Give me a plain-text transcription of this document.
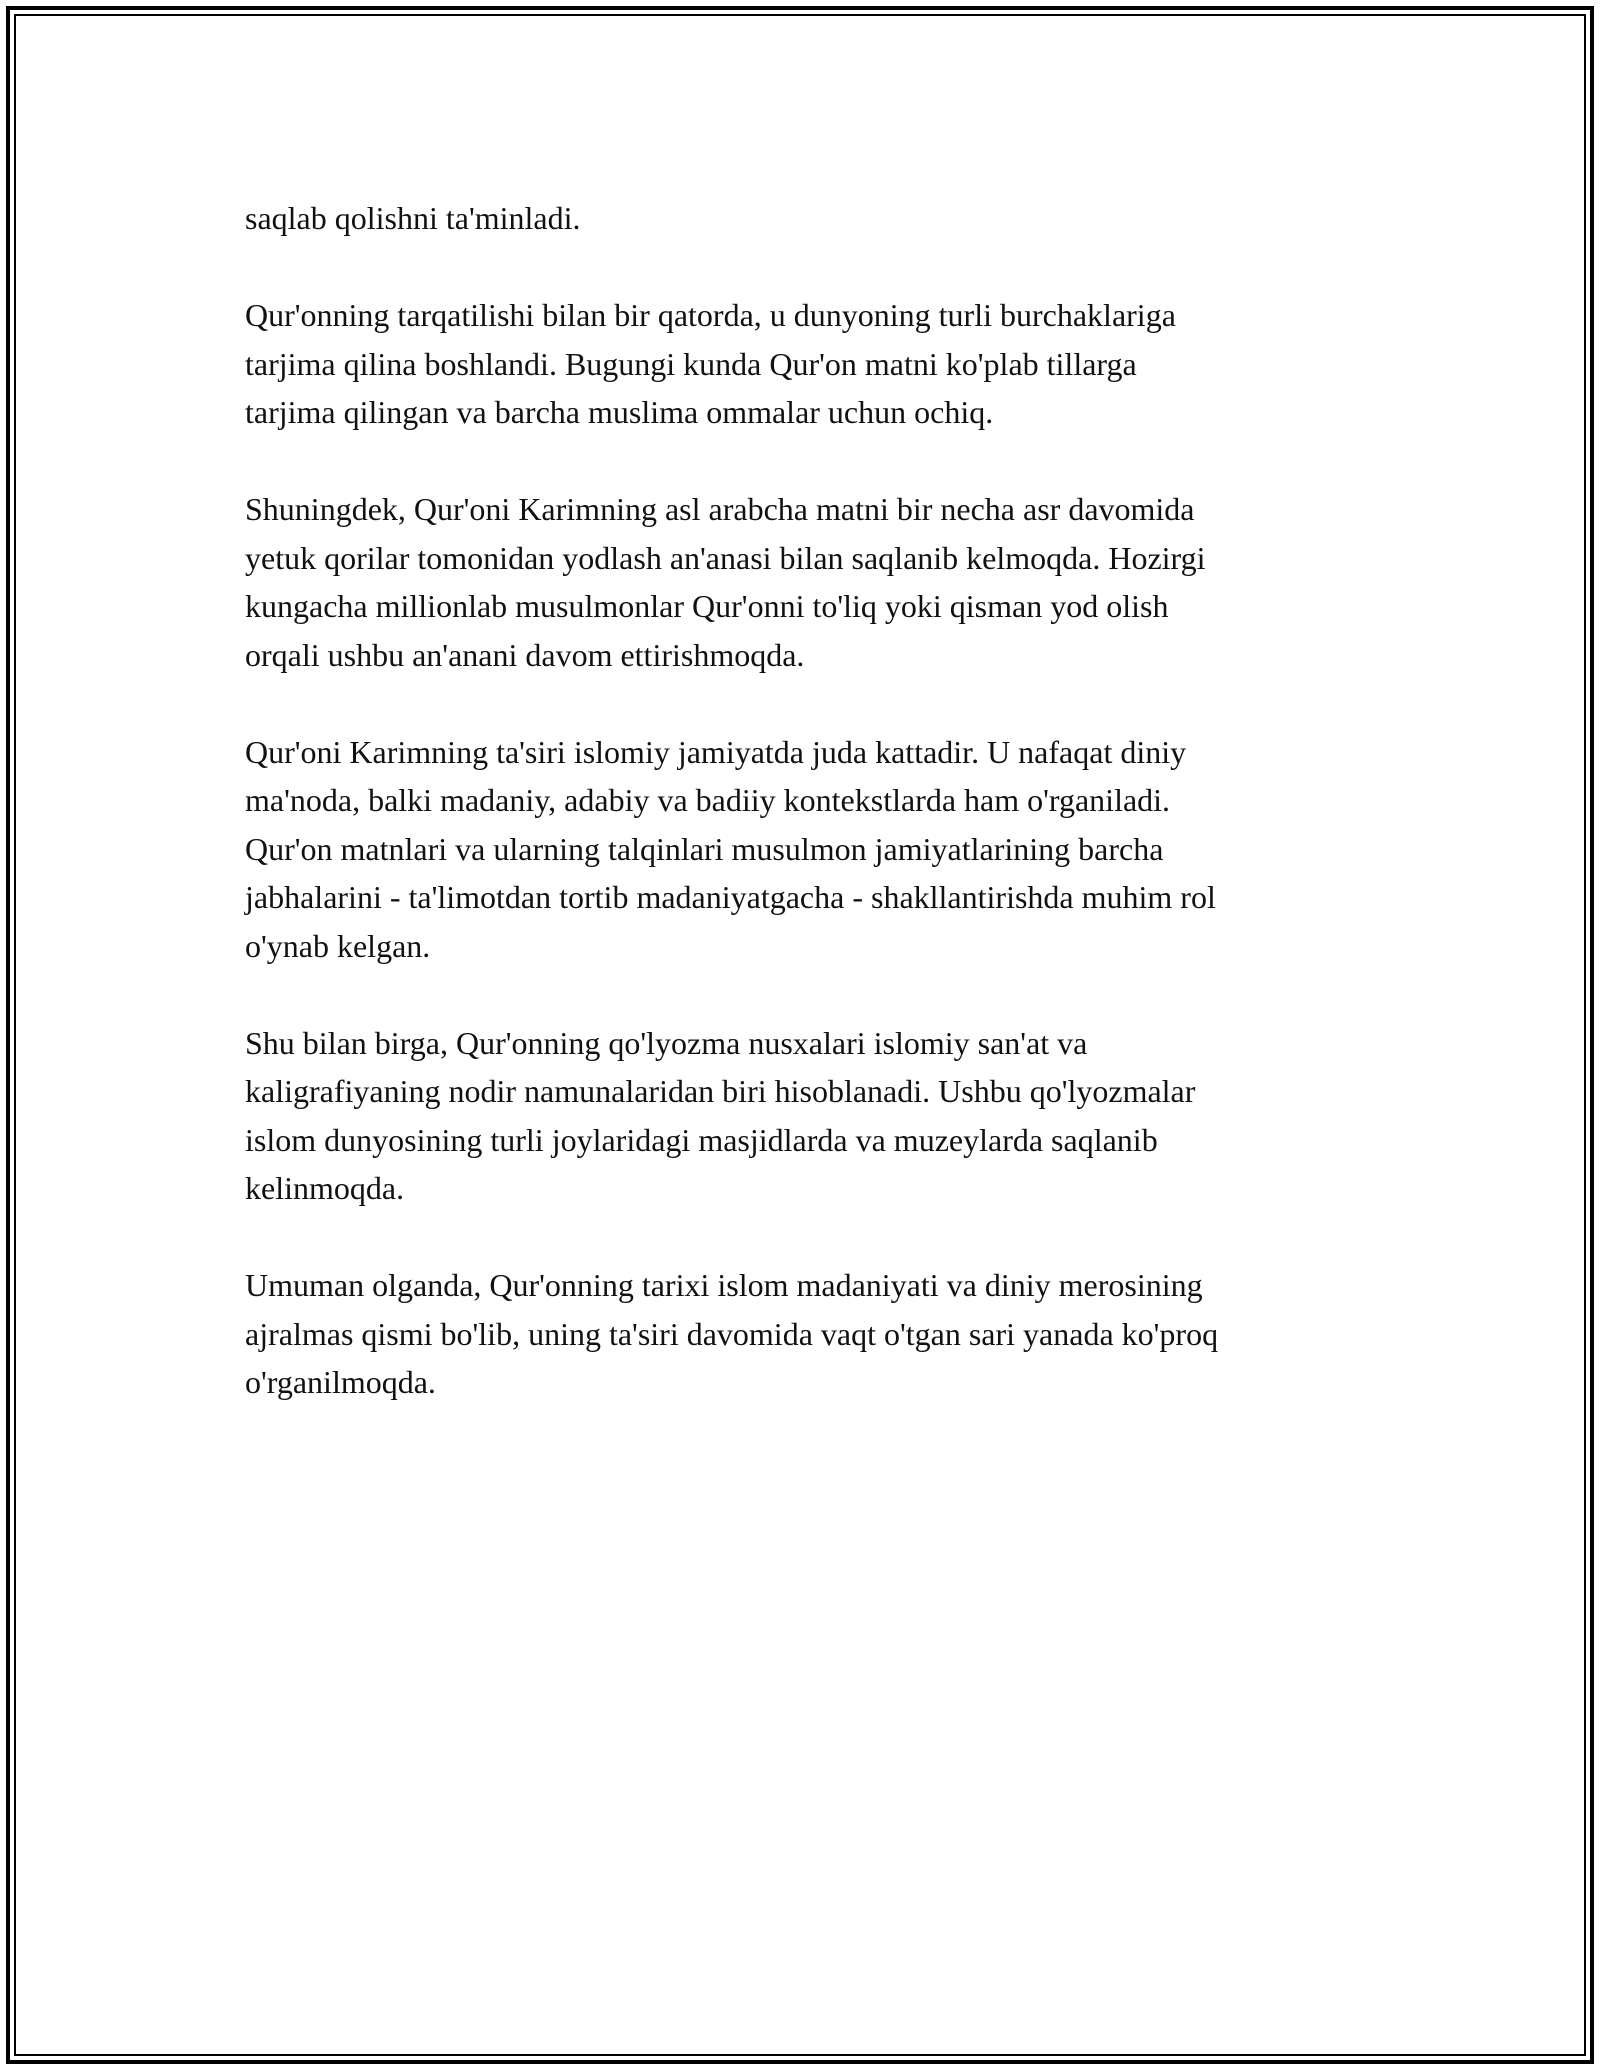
saqlab qolishni ta'minladi.

Qur'onning tarqatilishi bilan bir qatorda, u dunyoning turli burchaklariga
tarjima qilina boshlandi. Bugungi kunda Qur'on matni ko'plab tillarga
tarjima qilingan va barcha muslima ommalar uchun ochiq.

Shuningdek, Qur'oni Karimning asl arabcha matni bir necha asr davomida
yetuk qorilar tomonidan yodlash an'anasi bilan saqlanib kelmoqda. Hozirgi
kungacha millionlab musulmonlar Qur'onni to'liq yoki qisman yod olish
orqali ushbu an'anani davom ettirishmoqda.

Qur'oni Karimning ta'siri islomiy jamiyatda juda kattadir. U nafaqat diniy
ma'noda, balki madaniy, adabiy va badiiy kontekstlarda ham o'rganiladi.
Qur'on matnlari va ularning talqinlari musulmon jamiyatlarining barcha
jabhalarini - ta'limotdan tortib madaniyatgacha - shakllantirishda muhim rol
o'ynab kelgan.

Shu bilan birga, Qur'onning qo'lyozma nusxalari islomiy san'at va
kaligrafiyaning nodir namunalaridan biri hisoblanadi. Ushbu qo'lyozmalar
islom dunyosining turli joylaridagi masjidlarda va muzeylarda saqlanib
kelinmoqda.

Umuman olganda, Qur'onning tarixi islom madaniyati va diniy merosining
ajralmas qismi bo'lib, uning ta'siri davomida vaqt o'tgan sari yanada ko'proq
o'rganilmoqda.
